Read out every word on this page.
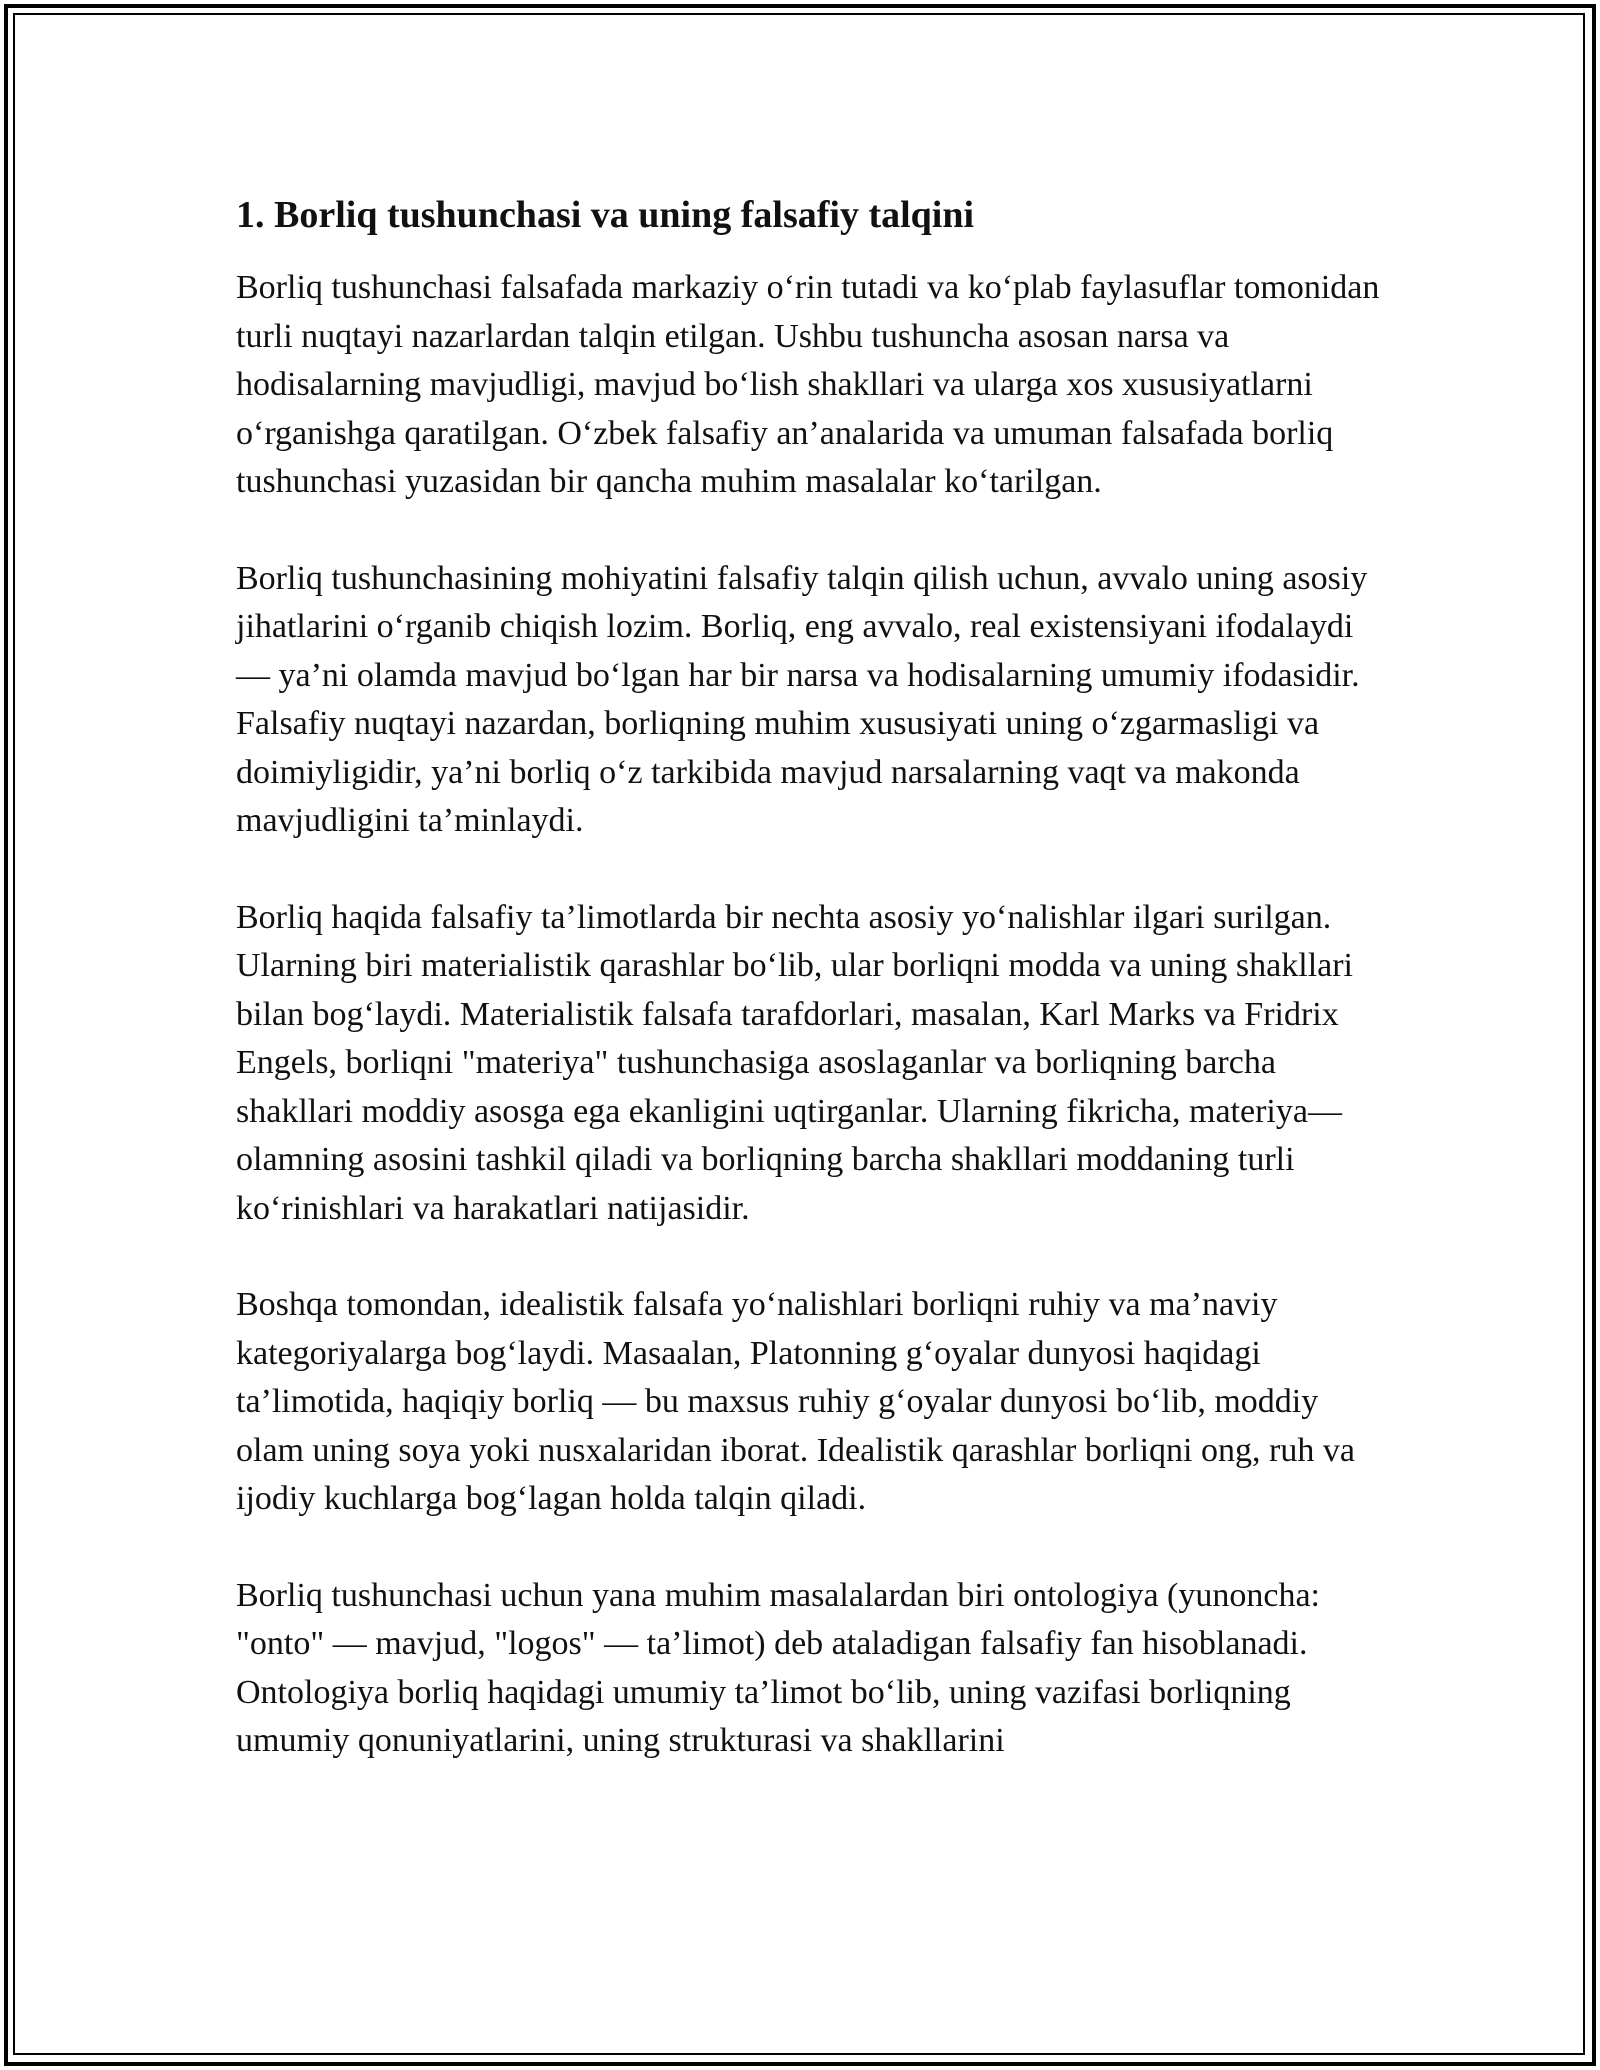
1. Borliq tushunchasi va uning falsafiy talqini

Borliq tushunchasi falsafada markaziy o‘rin tutadi va ko‘plab faylasuflar tomonidan turli nuqtayi nazarlardan talqin etilgan. Ushbu tushuncha asosan narsa va hodisalarning mavjudligi, mavjud bo‘lish shakllari va ularga xos xususiyatlarni o‘rganishga qaratilgan. O‘zbek falsafiy an’analarida va umuman falsafada borliq tushunchasi yuzasidan bir qancha muhim masalalar ko‘tarilgan.

Borliq tushunchasining mohiyatini falsafiy talqin qilish uchun, avvalo uning asosiy jihatlarini o‘rganib chiqish lozim. Borliq, eng avvalo, real existensiyani ifodalaydi — ya’ni olamda mavjud bo‘lgan har bir narsa va hodisalarning umumiy ifodasidir. Falsafiy nuqtayi nazardan, borliqning muhim xususiyati uning o‘zgarmasligi va doimiyligidir, ya’ni borliq o‘z tarkibida mavjud narsalarning vaqt va makonda mavjudligini ta’minlaydi.

Borliq haqida falsafiy ta’limotlarda bir nechta asosiy yo‘nalishlar ilgari surilgan. Ularning biri materialistik qarashlar bo‘lib, ular borliqni modda va uning shakllari bilan bog‘laydi. Materialistik falsafa tarafdorlari, masalan, Karl Marks va Fridrix Engels, borliqni "materiya" tushunchasiga asoslaganlar va borliqning barcha shakllari moddiy asosga ega ekanligini uqtirganlar. Ularning fikricha, materiya—olamning asosini tashkil qiladi va borliqning barcha shakllari moddaning turli ko‘rinishlari va harakatlari natijasidir.

Boshqa tomondan, idealistik falsafa yo‘nalishlari borliqni ruhiy va ma’naviy kategoriyalarga bog‘laydi. Masaalan, Platonning g‘oyalar dunyosi haqidagi ta’limotida, haqiqiy borliq — bu maxsus ruhiy g‘oyalar dunyosi bo‘lib, moddiy olam uning soya yoki nusxalaridan iborat. Idealistik qarashlar borliqni ong, ruh va ijodiy kuchlarga bog‘lagan holda talqin qiladi.

Borliq tushunchasi uchun yana muhim masalalardan biri ontologiya (yunoncha: "onto" — mavjud, "logos" — ta’limot) deb ataladigan falsafiy fan hisoblanadi. Ontologiya borliq haqidagi umumiy ta’limot bo‘lib, uning vazifasi borliqning umumiy qonuniyatlarini, uning strukturasi va shakllarini
